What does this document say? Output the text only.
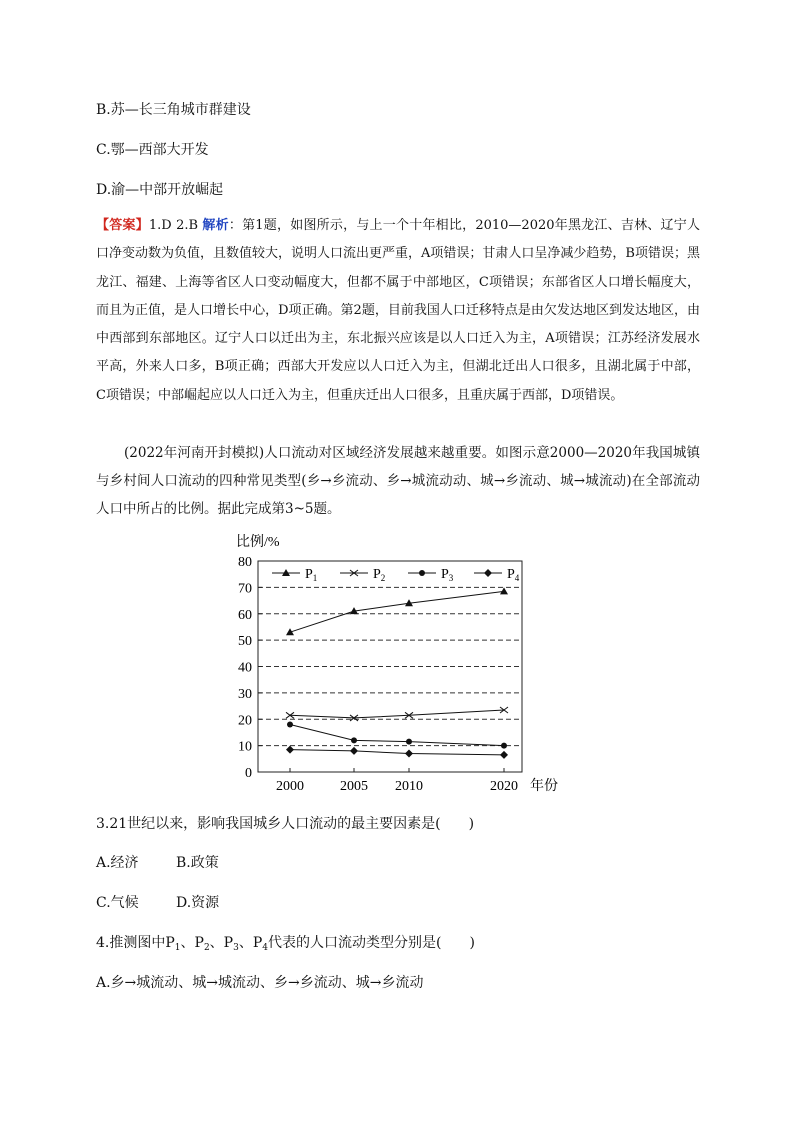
B.苏—长三角城市群建设
C.鄂—西部大开发
D.渝—中部开放崛起
【答案】1.D 2.B 解析：第1题，如图所示，与上一个十年相比，2010—2020年黑龙江、吉林、辽宁人口净变动数为负值，且数值较大，说明人口流出更严重，A项错误；甘肃人口呈净减少趋势，B项错误；黑龙江、福建、上海等省区人口变动幅度大，但都不属于中部地区，C项错误；东部省区人口增长幅度大，而且为正值，是人口增长中心，D项正确。第2题，目前我国人口迁移特点是由欠发达地区到发达地区，由中西部到东部地区。辽宁人口以迁出为主，东北振兴应该是以人口迁入为主，A项错误；江苏经济发展水平高，外来人口多，B项正确；西部大开发应以人口迁入为主，但湖北迁出人口很多，且湖北属于中部，C项错误；中部崛起应以人口迁入为主，但重庆迁出人口很多，且重庆属于西部，D项错误。
(2022年河南开封模拟)人口流动对区域经济发展越来越重要。如图示意2000—2020年我国城镇与乡村间人口流动的四种常见类型(乡→乡流动、乡→城流动动、城→乡流动、城→城流动)在全部流动人口中所占的比例。据此完成第3~5题。
比例/%
0
10
20
30
40
50
60
70
80
2000	2005 2010	2020
$P_1$	$P_2$	$P_3$	$P_4$
年份
3.21世纪以来，影响我国城乡人口流动的最主要因素是(　　)
A.经济	B.政策
C.气候	D.资源
4.推测图中$P_1$、$P_2$、$P_3$、$P_4$代表的人口流动类型分别是(　　)
A.乡→城流动、城→城流动、乡→乡流动、城→乡流动
